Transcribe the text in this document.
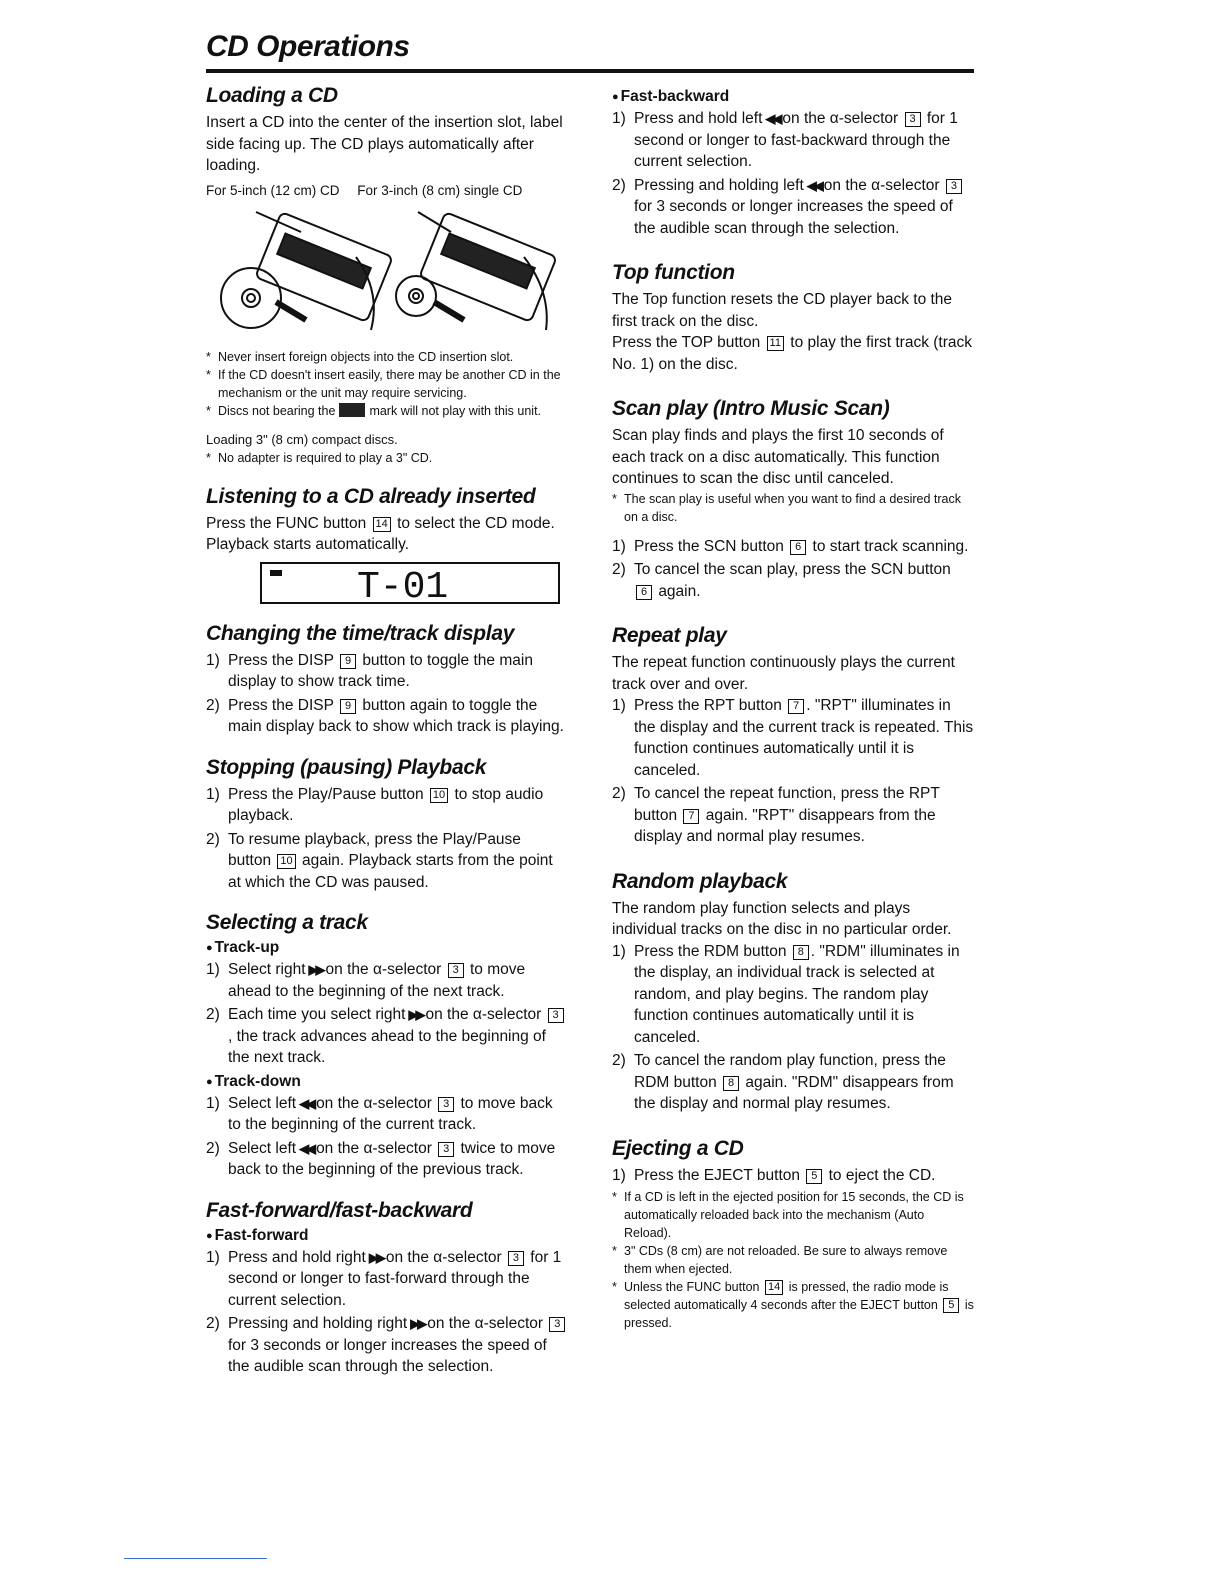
CD Operations
Loading a CD

Insert a CD into the center of the insertion slot, label side facing up. The CD plays automatically after loading.

For 5-inch (12 cm) CD For 3-inch (8 cm) single CD

* Never insert foreign objects into the CD insertion slot.

* If the CD doesn't insert easily, there may be another CD in the mechanism or the unit may require servicing.

* Discs not bearing the	mark will not play with this unit.

Loading 3" (8 cm) compact discs.

* No adapter is required to play a 3" CD.

Listening to a CD already inserted

Press the FUNC button 14 to select the CD mode. Playback starts automatically.

T-01
Changing the time/track display
1) Press the DISP 9 button to toggle the main display to show track time.
2) Press the DISP 9 button again to toggle the main display back to show which track is playing.
Stopping (pausing) Playback
1) Press the Play/Pause button 10 to stop audio playback.
2) To resume playback, press the Play/Pause button 10 again. Playback starts from the point at which the CD was paused.
Selecting a track
● Track-up
1) Select right ▶▶ on the α-selector 3 to move ahead to the beginning of the next track.
2) Each time you select right ▶▶ on the α-selector 3, the track advances ahead to the beginning of the next track.
● Track-down
1) Select left ◀◀ on the α-selector 3 to move back to the beginning of the current track.
2) Select left ◀◀ on the α-selector 3 twice to move back to the beginning of the previous track.
Fast-forward/fast-backward
● Fast-forward
1) Press and hold right ▶▶ on the α-selector 3 for 1 second or longer to fast-forward through the current selection.
2) Pressing and holding right ▶▶ on the α-selector 3 for 3 seconds or longer increases the speed of the audible scan through the selection.
● Fast-backward
1) Press and hold left ◀◀ on the α-selector 3 for 1 second or longer to fast-backward through the current selection.
2) Pressing and holding left ◀◀ on the α-selector 3 for 3 seconds or longer increases the speed of the audible scan through the selection.
Top function

The Top function resets the CD player back to the first track on the disc.

Press the TOP button 11 to play the first track (track No. 1) on the disc.

Scan play (Intro Music Scan)

Scan play finds and plays the first 10 seconds of each track on a disc automatically. This function continues to scan the disc until canceled.

* The scan play is useful when you want to find a desired track on a disc.

1) Press the SCN button 6 to start track scanning.
2) To cancel the scan play, press the SCN button 6 again.
Repeat play

The repeat function continuously plays the current track over and over.

1) Press the RPT button 7 . "RPT" illuminates in the display and the current track is repeated. This function continues automatically until it is canceled.
2) To cancel the repeat function, press the RPT button 7 again. "RPT" disappears from the display and normal play resumes.
Random playback

The random play function selects and plays individual tracks on the disc in no particular order.

1) Press the RDM button 8 . "RDM" illuminates in the display, an individual track is selected at random, and play begins. The random play function continues automatically until it is canceled.
2) To cancel the random play function, press the RDM button 8 again. "RDM" disappears from the display and normal play resumes.
Ejecting a CD
1) Press the EJECT button 5 to eject the CD.

* If a CD is left in the ejected position for 15 seconds, the CD is automatically reloaded back into the mechanism (Auto Reload).

* 3" CDs (8 cm) are not reloaded. Be sure to always remove them when ejected.

* Unless the FUNC button 14 is pressed, the radio mode is selected automatically 4 seconds after the EJECT button 5 is pressed.
